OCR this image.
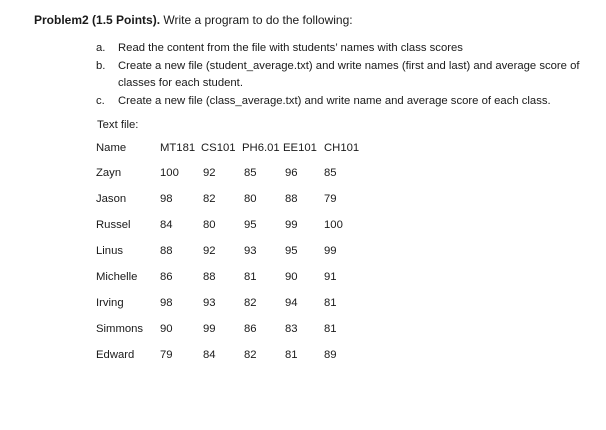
Problem2 (1.5 Points). Write a program to do the following:
a. Read the content from the file with students’ names with class scores
b. Create a new file (student_average.txt) and write names (first and last) and average score of classes for each student.
c. Create a new file (class_average.txt) and write name and average score of each class.
Text file:
Name	MT181	CS101	PH6.01	EE101	CH101
Zayn	100	92	85	96	85
Jason	98	82	80	88	79
Russel	84	80	95	99	100
Linus	88	92	93	95	99
Michelle	86	88	81	90	91
Irving	98	93	82	94	81
Simmons	90	99	86	83	81
Edward	79	84	82	81	89
